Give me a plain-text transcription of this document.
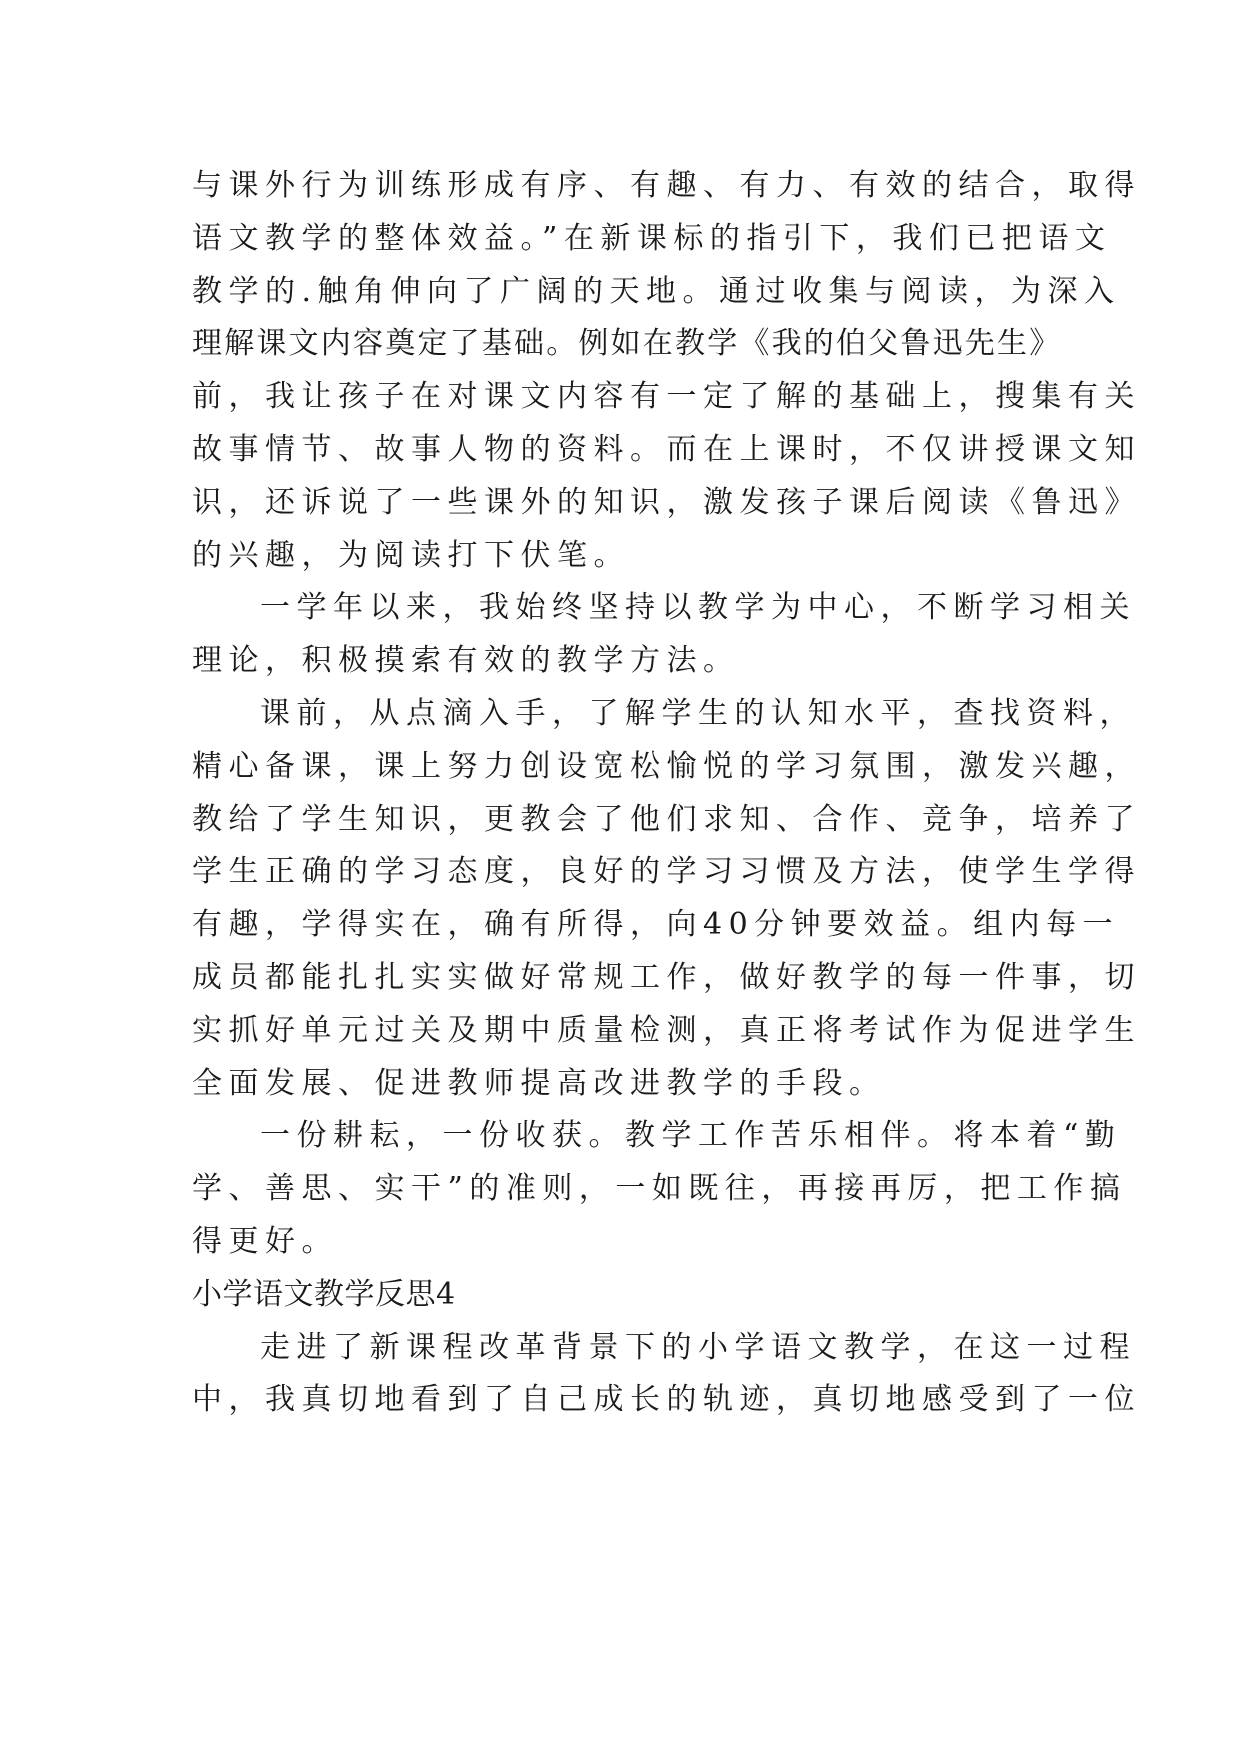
与课外行为训练形成有序、有趣、有力、有效的结合，取得
语文教学的整体效益。”在新课标的指引下，我们已把语文
教学的.触角伸向了广阔的天地。通过收集与阅读，为深入
理解课文内容奠定了基础。例如在教学《我的伯父鲁迅先生》
前，我让孩子在对课文内容有一定了解的基础上，搜集有关
故事情节、故事人物的资料。而在上课时，不仅讲授课文知
识，还诉说了一些课外的知识，激发孩子课后阅读《鲁迅》
的兴趣，为阅读打下伏笔。
一学年以来，我始终坚持以教学为中心，不断学习相关
理论，积极摸索有效的教学方法。
课前，从点滴入手，了解学生的认知水平，查找资料，
精心备课，课上努力创设宽松愉悦的学习氛围，激发兴趣，
教给了学生知识，更教会了他们求知、合作、竞争，培养了
学生正确的学习态度，良好的学习习惯及方法，使学生学得
有趣，学得实在，确有所得，向40分钟要效益。组内每一
成员都能扎扎实实做好常规工作，做好教学的每一件事，切
实抓好单元过关及期中质量检测，真正将考试作为促进学生
全面发展、促进教师提高改进教学的手段。
一份耕耘，一份收获。教学工作苦乐相伴。将本着“勤
学、善思、实干”的准则，一如既往，再接再厉，把工作搞
得更好。
小学语文教学反思4
走进了新课程改革背景下的小学语文教学，在这一过程
中，我真切地看到了自己成长的轨迹，真切地感受到了一位
